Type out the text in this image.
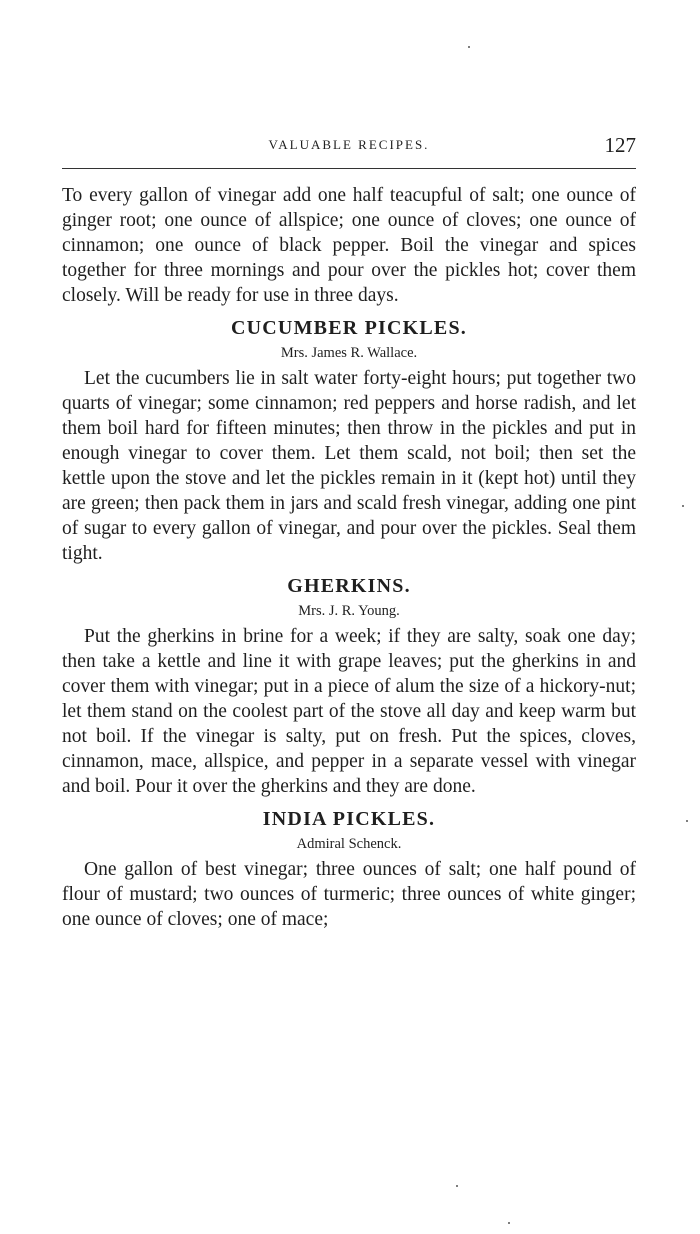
VALUABLE RECIPES.	127

To every gallon of vinegar add one half teacupful of salt; one ounce of ginger root; one ounce of allspice; one ounce of cloves; one ounce of cinnamon; one ounce of black pepper. Boil the vinegar and spices together for three mornings and pour over the pickles hot; cover them closely. Will be ready for use in three days.

CUCUMBER PICKLES.
Mrs. James R. Wallace.

Let the cucumbers lie in salt water forty-eight hours; put together two quarts of vinegar; some cinnamon; red peppers and horse radish, and let them boil hard for fifteen minutes; then throw in the pickles and put in enough vinegar to cover them. Let them scald, not boil; then set the kettle upon the stove and let the pickles remain in it (kept hot) until they are green; then pack them in jars and scald fresh vinegar, adding one pint of sugar to every gallon of vinegar, and pour over the pickles. Seal them tight.

GHERKINS.
Mrs. J. R. Young.

Put the gherkins in brine for a week; if they are salty, soak one day; then take a kettle and line it with grape leaves; put the gherkins in and cover them with vinegar; put in a piece of alum the size of a hickory-nut; let them stand on the coolest part of the stove all day and keep warm but not boil. If the vinegar is salty, put on fresh. Put the spices, cloves, cinnamon, mace, allspice, and pepper in a separate vessel with vinegar and boil. Pour it over the gherkins and they are done.

INDIA PICKLES.
Admiral Schenck.

One gallon of best vinegar; three ounces of salt; one half pound of flour of mustard; two ounces of turmeric; three ounces of white ginger; one ounce of cloves; one of mace;
